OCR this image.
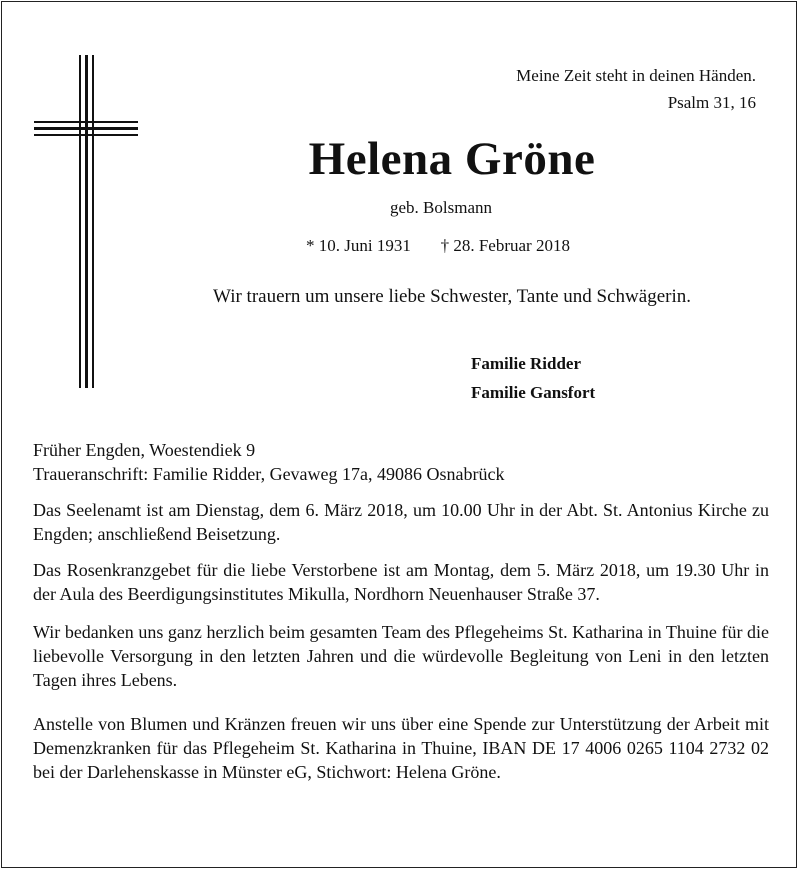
Meine Zeit steht in deinen Händen.
Psalm 31, 16
Helena Gröne
geb. Bolsmann
* 10. Juni 1931 † 28. Februar 2018
Wir trauern um unsere liebe Schwester, Tante und Schwägerin.
Familie Ridder
Familie Gansfort

Früher Engden, Woestendiek 9

Traueranschrift: Familie Ridder, Gevaweg 17a, 49086 Osnabrück

Das Seelenamt ist am Dienstag, dem 6. März 2018, um 10.00 Uhr in der Abt. St. Antonius Kirche zu Engden; anschließend Beisetzung.

Das Rosenkranzgebet für die liebe Verstorbene ist am Montag, dem 5. März 2018, um 19.30 Uhr in der Aula des Beerdigungsinstitutes Mikulla, Nordhorn Neuenhauser Straße 37.

Wir bedanken uns ganz herzlich beim gesamten Team des Pflegeheims St. Katharina in Thuine für die liebevolle Versorgung in den letzten Jahren und die würdevolle Begleitung von Leni in den letzten Tagen ihres Lebens.

Anstelle von Blumen und Kränzen freuen wir uns über eine Spende zur Unterstützung der Arbeit mit Demenzkranken für das Pflegeheim St. Katharina in Thuine, IBAN DE 17 4006 0265 1104 2732 02 bei der Darlehenskasse in Münster eG, Stichwort: Helena Gröne.
